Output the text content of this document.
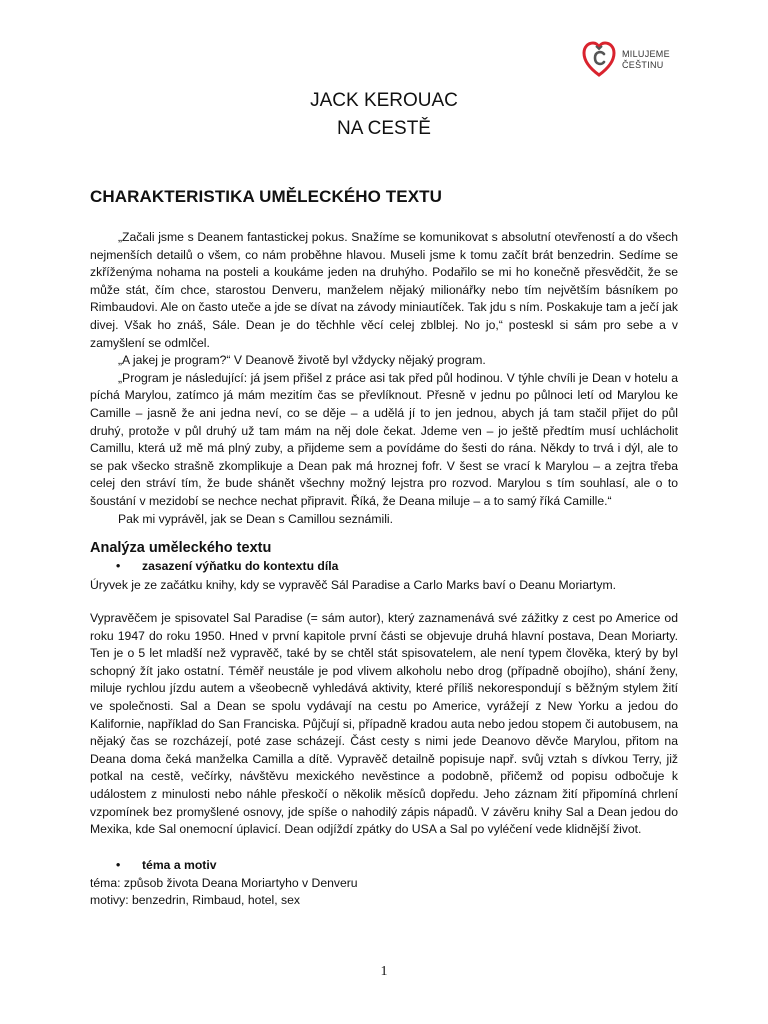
MILUJEME
ČEŠTINU
JACK KEROUAC
NA CESTĚ
CHARAKTERISTIKA UMĚLECKÉHO TEXTU

„Začali jsme s Deanem fantastickej pokus. Snažíme se komunikovat s absolutní otevřeností a do všech nejmenších detailů o všem, co nám proběhne hlavou. Museli jsme k tomu začít brát benzedrin. Sedíme se zkříženýma nohama na posteli a koukáme jeden na druhýho. Podařilo se mi ho konečně přesvědčit, že se může stát, čím chce, starostou Denveru, manželem nějaký milionářky nebo tím největším básníkem po Rimbaudovi. Ale on často uteče a jde se dívat na závody miniautíček. Tak jdu s ním. Poskakuje tam a ječí jak divej. Však ho znáš, Sále. Dean je do těchhle věcí celej zblblej. No jo,“ posteskl si sám pro sebe a v zamyšlení se odmlčel.

„A jakej je program?“ V Deanově životě byl vždycky nějaký program.

„Program je následující: já jsem přišel z práce asi tak před půl hodinou. V týhle chvíli je Dean v hotelu a píchá Marylou, zatímco já mám mezitím čas se převlíknout. Přesně v jednu po půlnoci letí od Marylou ke Camille – jasně že ani jedna neví, co se děje – a udělá jí to jen jednou, abych já tam stačil přijet do půl druhý, protože v půl druhý už tam mám na něj dole čekat. Jdeme ven – jo ještě předtím musí uchlácholit Camillu, která už mě má plný zuby, a přijdeme sem a povídáme do šesti do rána. Někdy to trvá i dýl, ale to se pak všecko strašně zkomplikuje a Dean pak má hroznej fofr. V šest se vrací k Marylou – a zejtra třeba celej den stráví tím, že bude shánět všechny možný lejstra pro rozvod. Marylou s tím souhlasí, ale o to šoustání v mezidobí se nechce nechat připravit. Říká, že Deana miluje – a to samý říká Camille.“

Pak mi vyprávěl, jak se Dean s Camillou seznámili.

Analýza uměleckého textu
• zasazení výňatku do kontextu díla
Úryvek je ze začátku knihy, kdy se vypravěč Sál Paradise a Carlo Marks baví o Deanu Moriartym.

Vypravěčem je spisovatel Sal Paradise (= sám autor), který zaznamenává své zážitky z cest po Americe od roku 1947 do roku 1950. Hned v první kapitole první části se objevuje druhá hlavní postava, Dean Moriarty. Ten je o 5 let mladší než vypravěč, také by se chtěl stát spisovatelem, ale není typem člověka, který by byl schopný žít jako ostatní. Téměř neustále je pod vlivem alkoholu nebo drog (případně obojího), shání ženy, miluje rychlou jízdu autem a všeobecně vyhledává aktivity, které příliš nekorespondují s běžným stylem žití ve společnosti. Sal a Dean se spolu vydávají na cestu po Americe, vyrážejí z New Yorku a jedou do Kalifornie, například do San Franciska. Půjčují si, případně kradou auta nebo jedou stopem či autobusem, na nějaký čas se rozcházejí, poté zase scházejí. Část cesty s nimi jede Deanovo děvče Marylou, přitom na Deana doma čeká manželka Camilla a dítě. Vypravěč detailně popisuje např. svůj vztah s dívkou Terry, již potkal na cestě, večírky, návštěvu mexického nevěstince a podobně, přičemž od popisu odbočuje k událostem z minulosti nebo náhle přeskočí o několik měsíců dopředu. Jeho záznam žití připomíná chrlení vzpomínek bez promyšlené osnovy, jde spíše o nahodilý zápis nápadů. V závěru knihy Sal a Dean jedou do Mexika, kde Sal onemocní úplavicí. Dean odjíždí zpátky do USA a Sal po vyléčení vede klidnější život.

• téma a motiv
téma: způsob života Deana Moriartyho v Denveru
motivy: benzedrin, Rimbaud, hotel, sex
1
